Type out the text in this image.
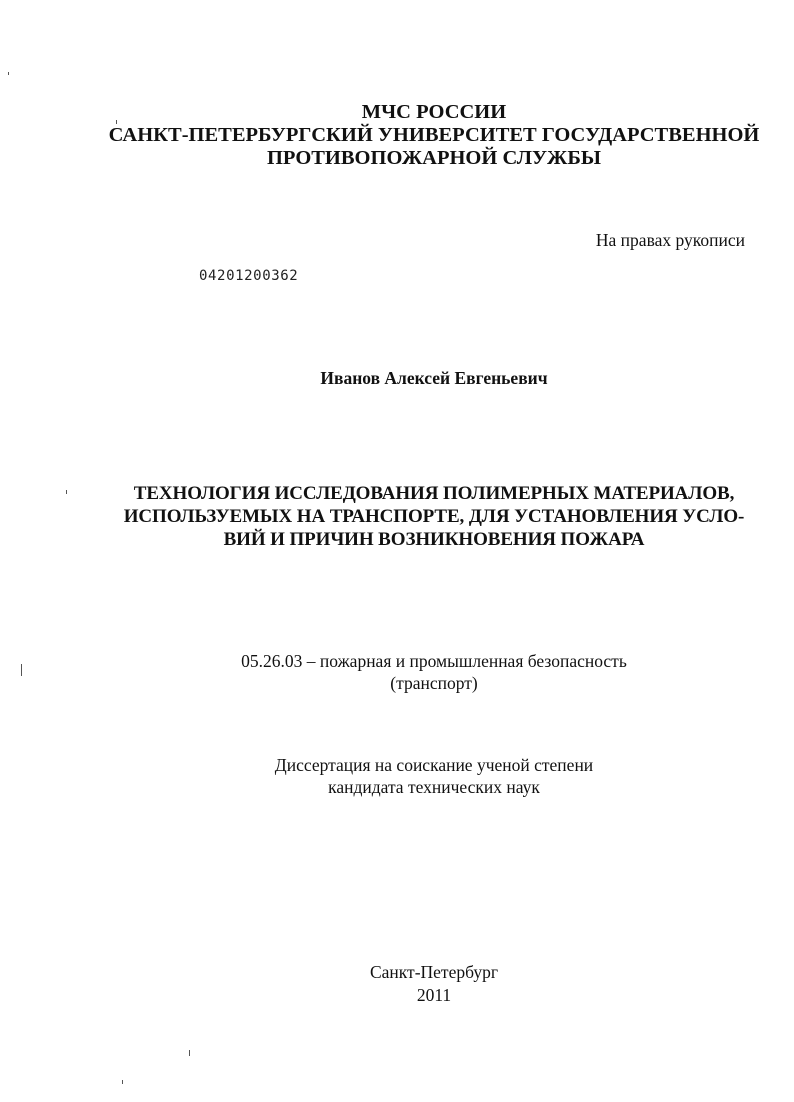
МЧС РОССИИ
САНКТ-ПЕТЕРБУРГСКИЙ УНИВЕРСИТЕТ ГОСУДАРСТВЕННОЙ
ПРОТИВОПОЖАРНОЙ СЛУЖБЫ
На правах рукописи
04201200362
Иванов Алексей Евгеньевич
ТЕХНОЛОГИЯ ИССЛЕДОВАНИЯ ПОЛИМЕРНЫХ МАТЕРИАЛОВ,
ИСПОЛЬЗУЕМЫХ НА ТРАНСПОРТЕ, ДЛЯ УСТАНОВЛЕНИЯ УСЛО-
ВИЙ И ПРИЧИН ВОЗНИКНОВЕНИЯ ПОЖАРА
05.26.03 – пожарная и промышленная безопасность
(транспорт)
Диссертация на соискание ученой степени
кандидата технических наук
Санкт-Петербург
2011
